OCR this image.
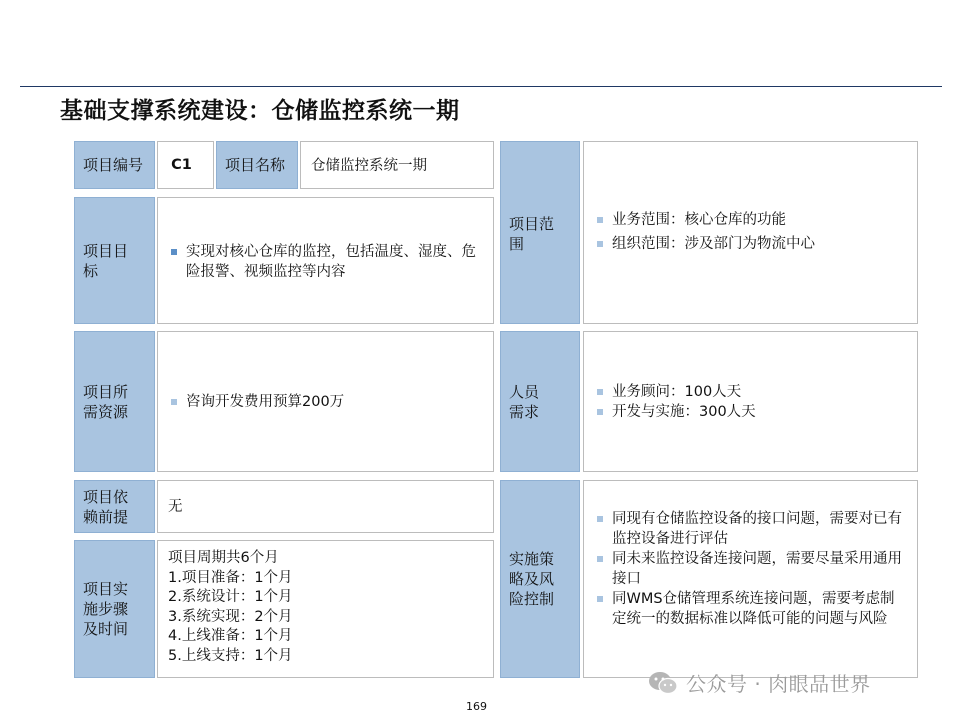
基础支撑系统建设：仓储监控系统一期
项目编号 C1 项目名称 仓储监控系统一期
项目目
标
实现对核心仓库的监控，包括温度、湿度、危险报警、视频监控等内容
项目所
需资源
咨询开发费用预算200万
项目依
赖前提
无
项目实
施步骤
及时间
项目周期共6个月
1.项目准备：1个月
2.系统设计：1个月
3.系统实现：2个月
4.上线准备：1个月
5.上线支持：1个月
项目范
围
业务范围：核心仓库的功能
组织范围：涉及部门为物流中心
人员
需求
业务顾问：100人天
开发与实施：300人天
实施策
略及风
险控制
同现有仓储监控设备的接口问题，需要对已有监控设备进行评估
同未来监控设备连接问题，需要尽量采用通用接口
同WMS仓储管理系统连接问题，需要考虑制定统一的数据标准以降低可能的问题与风险
169
公众号 · 肉眼品世界
